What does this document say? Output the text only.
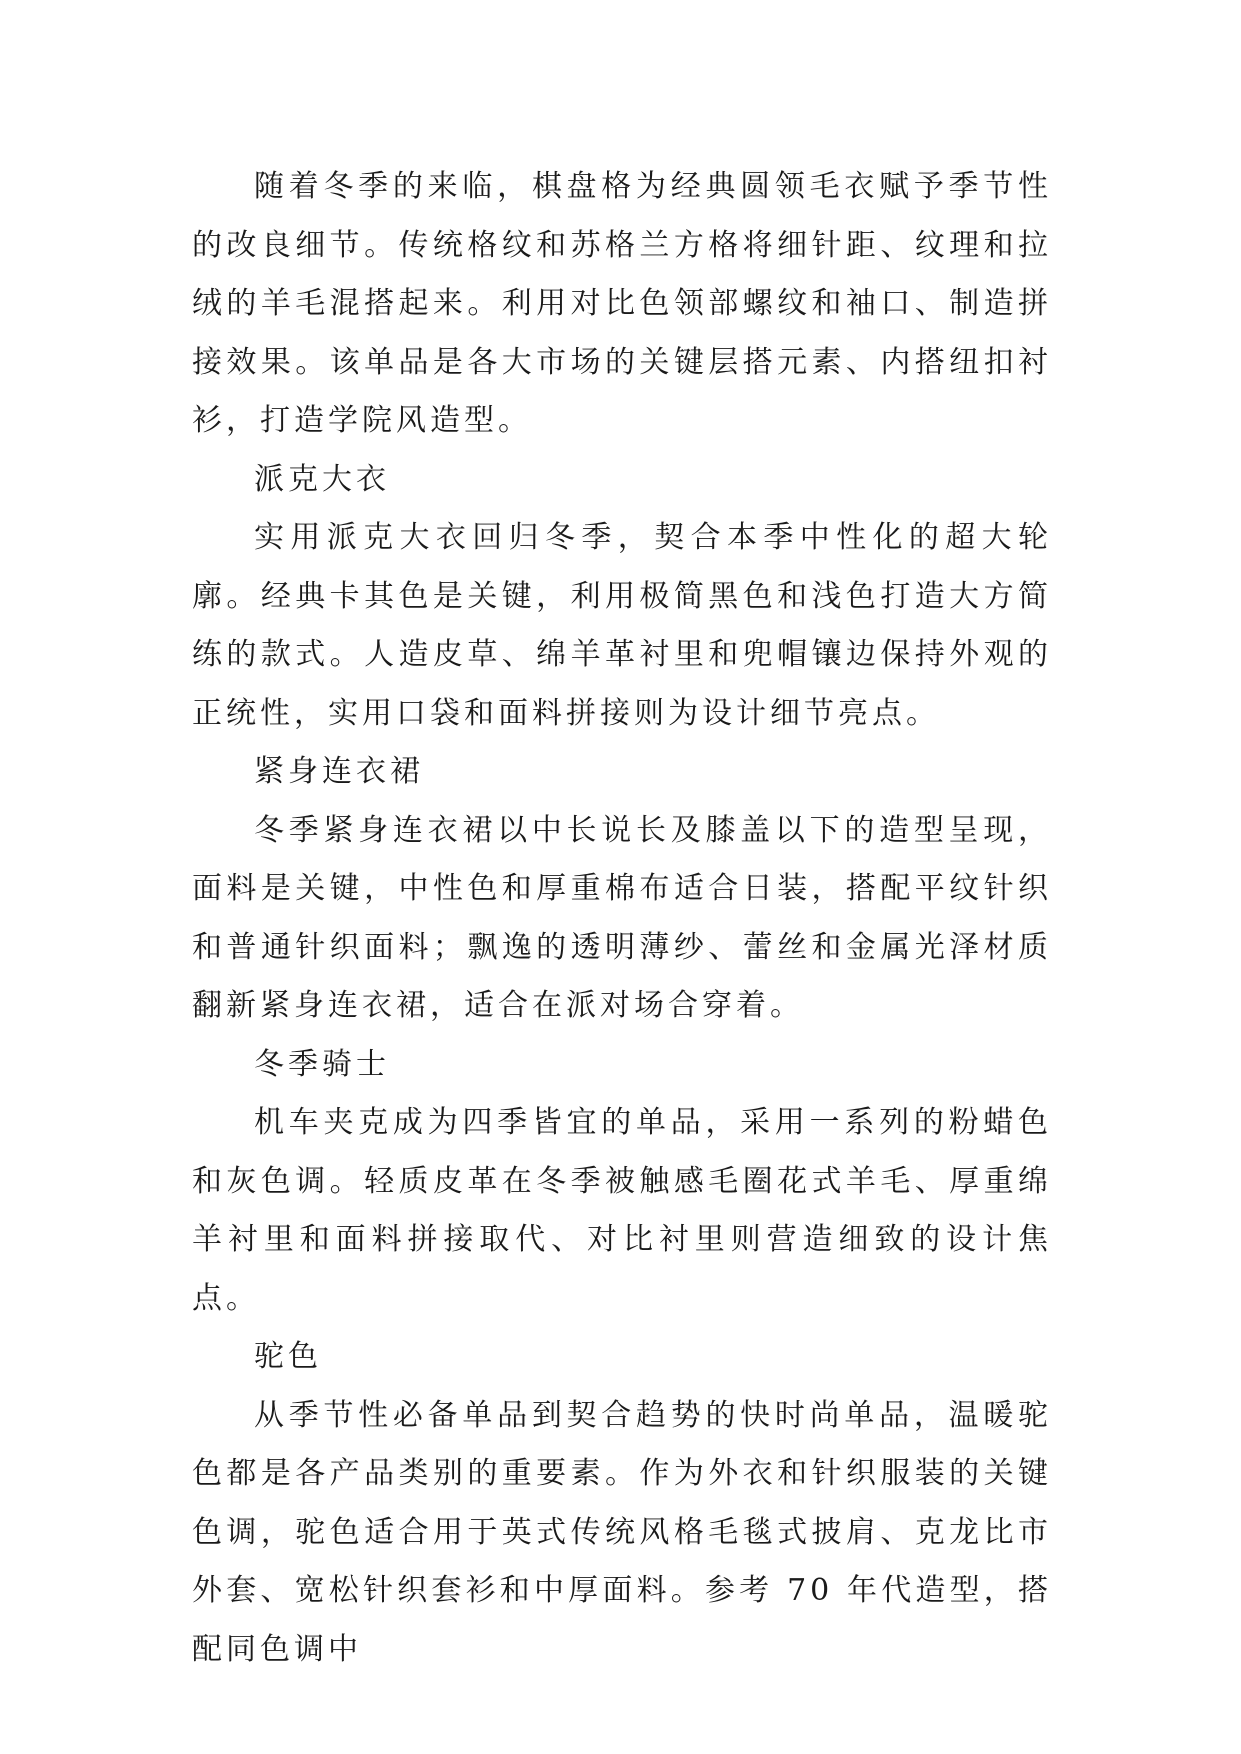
随着冬季的来临，棋盘格为经典圆领毛衣赋予季节性的改良细节。传统格纹和苏格兰方格将细针距、纹理和拉绒的羊毛混搭起来。利用对比色领部螺纹和袖口、制造拼接效果。该单品是各大市场的关键层搭元素、内搭纽扣衬衫，打造学院风造型。

派克大衣

实用派克大衣回归冬季，契合本季中性化的超大轮廓。经典卡其色是关键，利用极简黑色和浅色打造大方简练的款式。人造皮草、绵羊革衬里和兜帽镶边保持外观的正统性，实用口袋和面料拼接则为设计细节亮点。

紧身连衣裙

冬季紧身连衣裙以中长说长及膝盖以下的造型呈现，面料是关键，中性色和厚重棉布适合日装，搭配平纹针织和普通针织面料；飘逸的透明薄纱、蕾丝和金属光泽材质翻新紧身连衣裙，适合在派对场合穿着。

冬季骑士

机车夹克成为四季皆宜的单品，采用一系列的粉蜡色和灰色调。轻质皮革在冬季被触感毛圈花式羊毛、厚重绵羊衬里和面料拼接取代、对比衬里则营造细致的设计焦点。

驼色

从季节性必备单品到契合趋势的快时尚单品，温暖驼色都是各产品类别的重要素。作为外衣和针织服装的关键色调，驼色适合用于英式传统风格毛毯式披肩、克龙比市外套、宽松针织套衫和中厚面料。参考 70 年代造型，搭配同色调中
